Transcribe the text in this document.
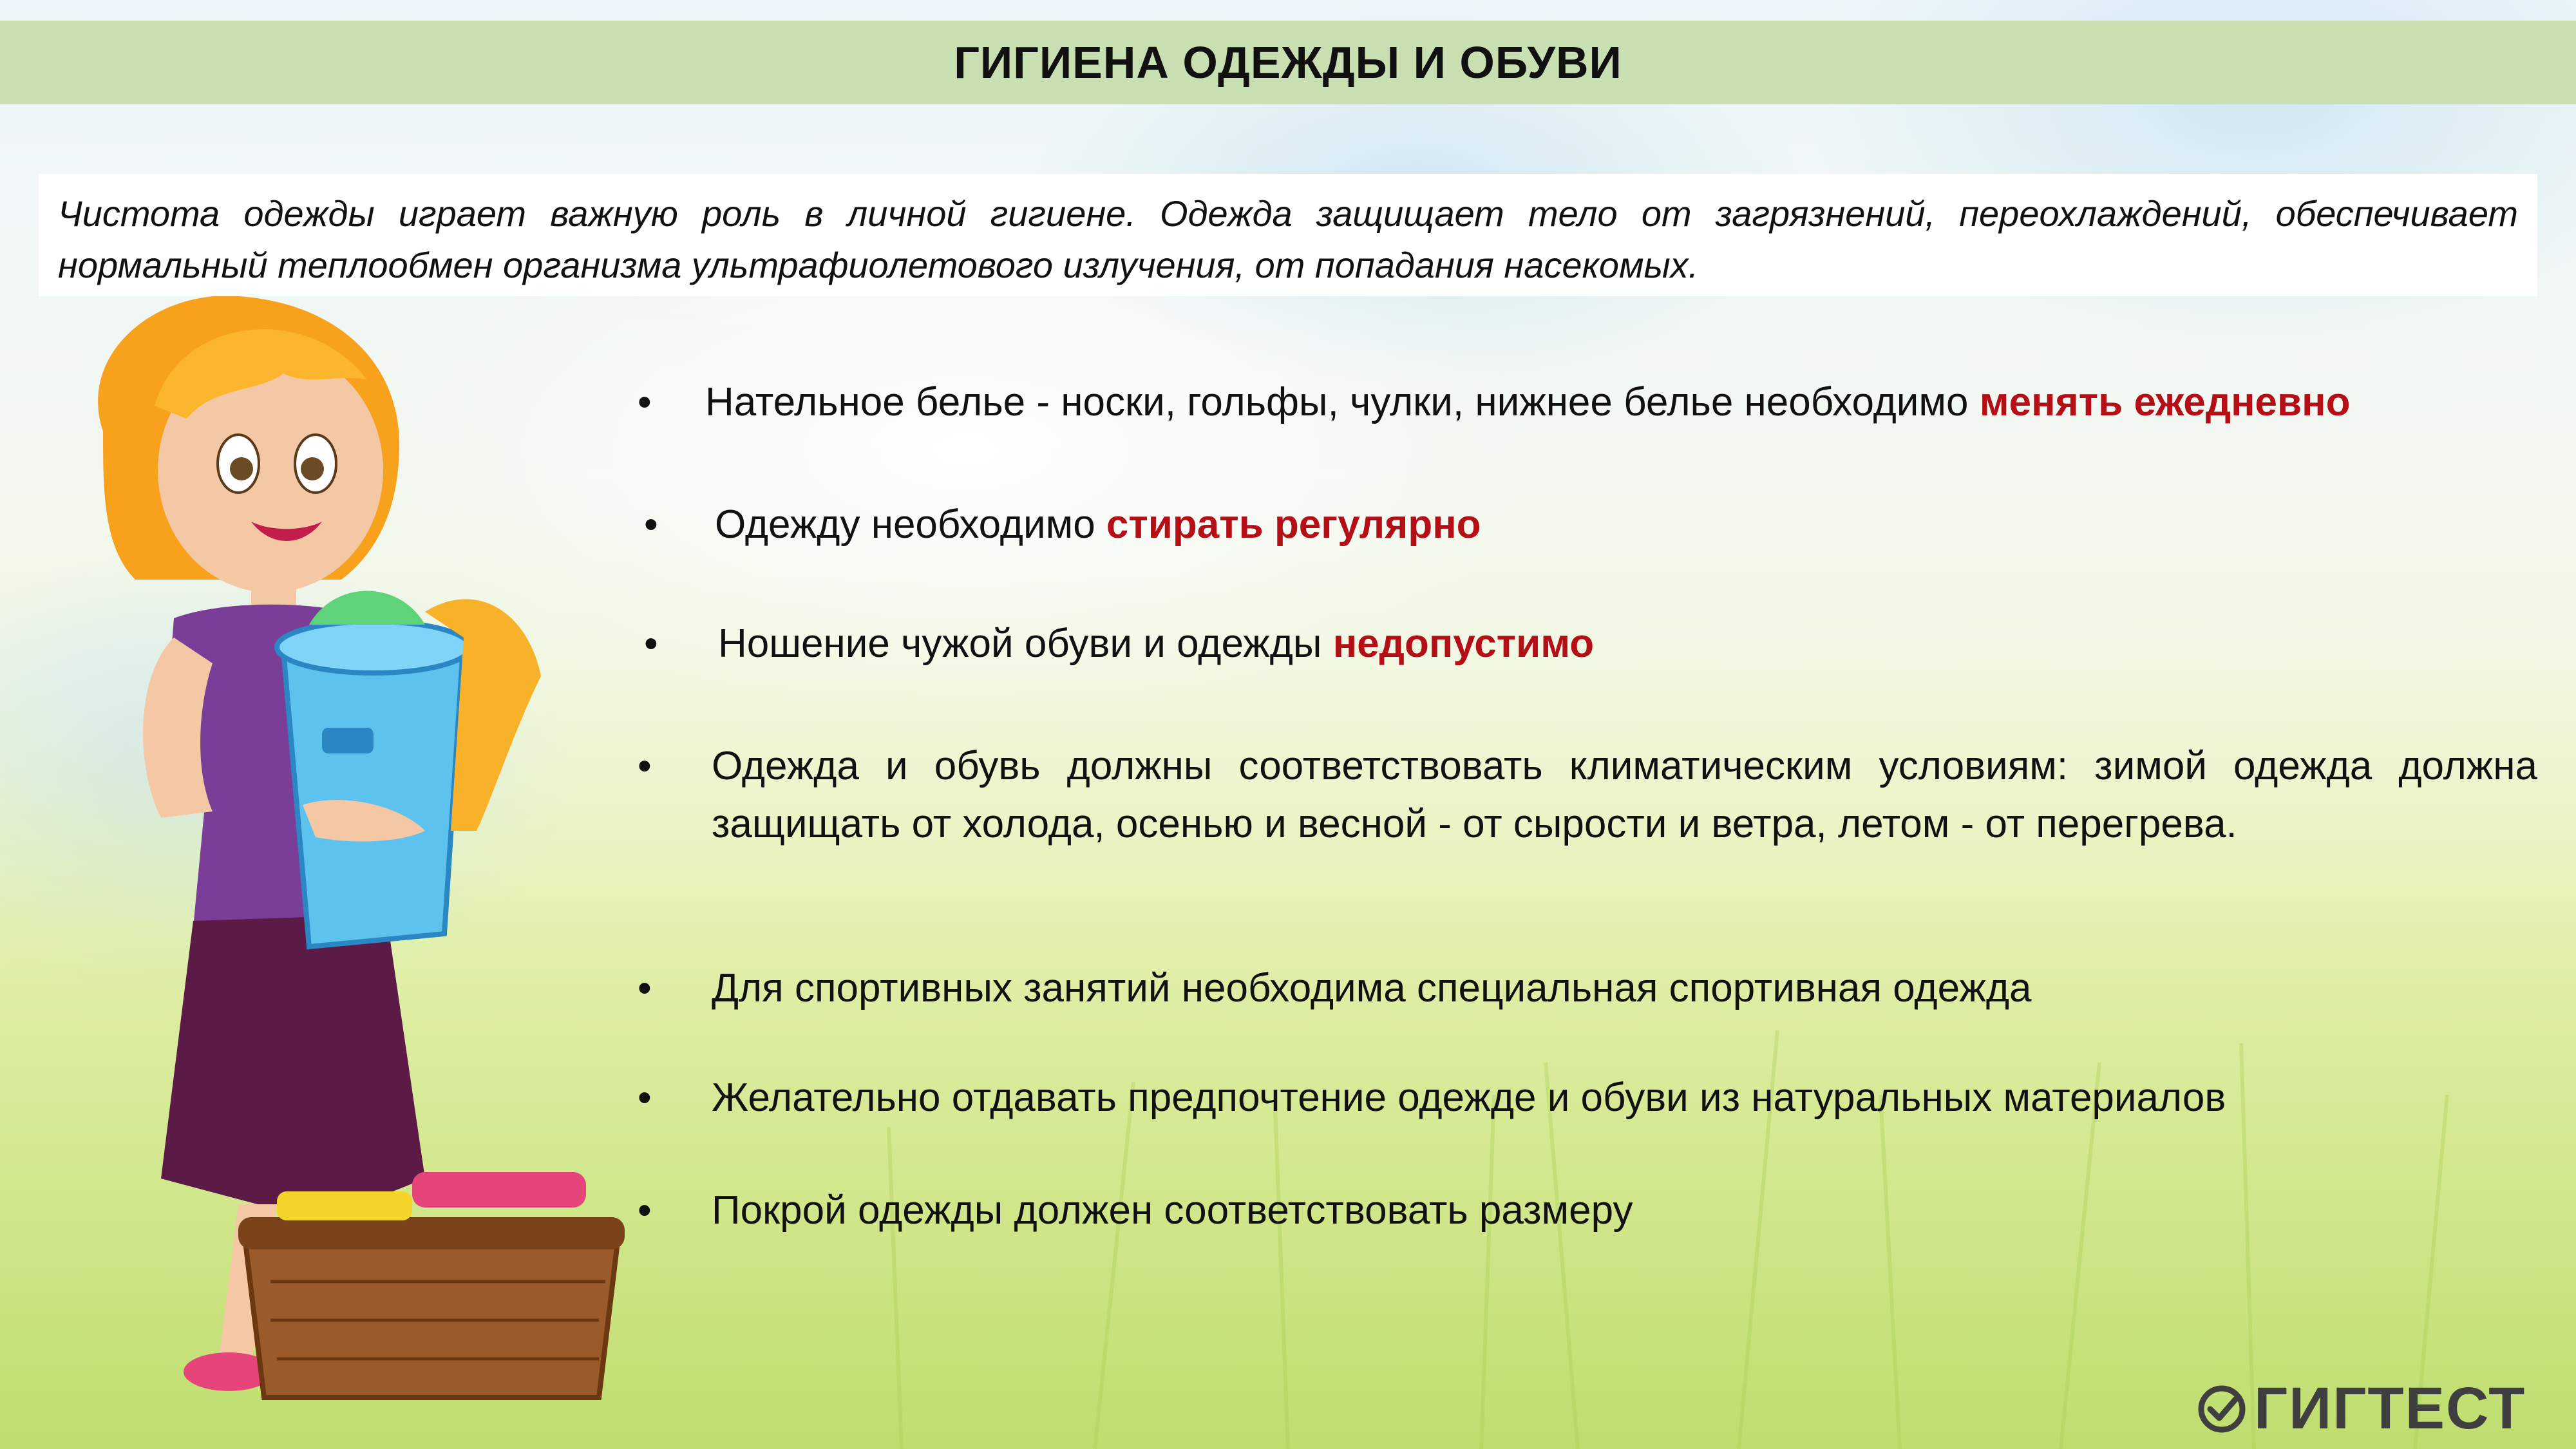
ГИГИЕНА ОДЕЖДЫ И ОБУВИ

Чистота одежды играет важную роль в личной гигиене. Одежда защищает тело от загрязнений, переохлаждений, обеспечивает нормальный теплообмен организма ультрафиолетового излучения, от попадания насекомых.

•	Нательное белье - носки, гольфы, чулки, нижнее белье необходимо менять ежедневно
•	Одежду необходимо стирать регулярно
•	Ношение чужой обуви и одежды недопустимо
•	Одежда и обувь должны соответствовать климатическим условиям: зимой одежда должна защищать от холода, осенью и весной - от сырости и ветра, летом - от перегрева.
•	Для спортивных занятий необходима специальная спортивная одежда
•	Желательно отдавать предпочтение одежде и обуви из натуральных материалов
•	Покрой одежды должен соответствовать размеру
ГИГТЕСТ
